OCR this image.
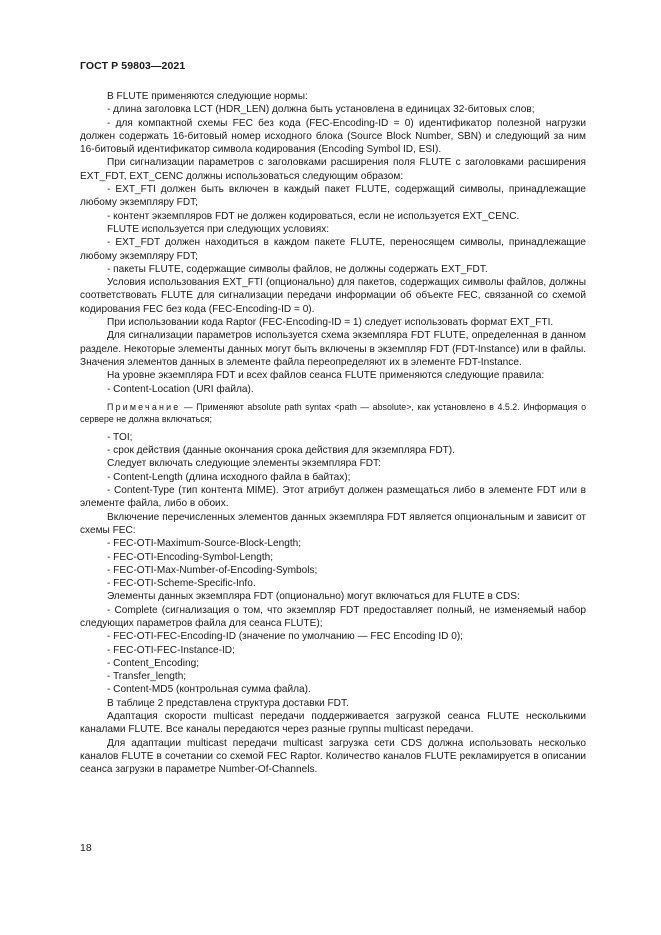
ГОСТ Р 59803—2021

В FLUTE применяются следующие нормы:

- длина заголовка LCT (HDR_LEN) должна быть установлена в единицах 32-битовых слов;

- для компактной схемы FEC без кода (FEC-Encoding-ID = 0) идентификатор полезной нагрузки должен содержать 16-битовый номер исходного блока (Source Block Number, SBN) и следующий за ним 16-битовый идентификатор символа кодирования (Encoding Symbol ID, ESI).

При сигнализации параметров с заголовками расширения поля FLUTE с заголовками расширения EXT_FDT, EXT_CENC должны использоваться следующим образом:

- EXT_FTI должен быть включен в каждый пакет FLUTE, содержащий символы, принадлежащие любому экземпляру FDT;

- контент экземпляров FDT не должен кодироваться, если не используется EXT_CENC.

FLUTE используется при следующих условиях:

- EXT_FDT должен находиться в каждом пакете FLUTE, переносящем символы, принадлежащие любому экземпляру FDT;

- пакеты FLUTE, содержащие символы файлов, не должны содержать EXT_FDT.

Условия использования EXT_FTI (опционально) для пакетов, содержащих символы файлов, должны соответствовать FLUTE для сигнализации передачи информации об объекте FEC, связанной со схемой кодирования FEC без кода (FEC-Encoding-ID = 0).

При использовании кода Raptor (FEC-Encoding-ID = 1) следует использовать формат EXT_FTI.

Для сигнализации параметров используется схема экземпляра FDT FLUTE, определенная в данном разделе. Некоторые элементы данных могут быть включены в экземпляр FDT (FDT-Instance) или в файлы. Значения элементов данных в элементе файла переопределяют их в элементе FDT-Instance.

На уровне экземпляра FDT и всех файлов сеанса FLUTE применяются следующие правила:

- Content-Location (URI файла).

Примечание — Применяют absolute path syntax <path — absolute>, как установлено в 4.5.2. Информация о сервере не должна включаться;

- TOI;

- срок действия (данные окончания срока действия для экземпляра FDT).

Следует включать следующие элементы экземпляра FDT:

- Content-Length (длина исходного файла в байтах);

- Content-Type (тип контента MIME). Этот атрибут должен размещаться либо в элементе FDT или в элементе файла, либо в обоих.

Включение перечисленных элементов данных экземпляра FDT является опциональным и зависит от схемы FEC:

- FEC-OTI-Maximum-Source-Block-Length;

- FEC-OTI-Encoding-Symbol-Length;

- FEC-OTI-Max-Number-of-Encoding-Symbols;

- FEC-OTI-Scheme-Specific-Info.

Элементы данных экземпляра FDT (опционально) могут включаться для FLUTE в CDS:

- Complete (сигнализация о том, что экземпляр FDT предоставляет полный, не изменяемый набор следующих параметров файла для сеанса FLUTE);

- FEC-OTI-FEC-Encoding-ID (значение по умолчанию — FEC Encoding ID 0);

- FEC-OTI-FEC-Instance-ID;

- Content_Encoding;

- Transfer_length;

- Content-MD5 (контрольная сумма файла).

В таблице 2 представлена структура доставки FDT.

Адаптация скорости multicast передачи поддерживается загрузкой сеанса FLUTE несколькими каналами FLUTE. Все каналы передаются через разные группы multicast передачи.

Для адаптации multicast передачи multicast загрузка сети CDS должна использовать несколько каналов FLUTE в сочетании со схемой FEC Raptor. Количество каналов FLUTE рекламируется в описании сеанса загрузки в параметре Number-Of-Channels.

18
